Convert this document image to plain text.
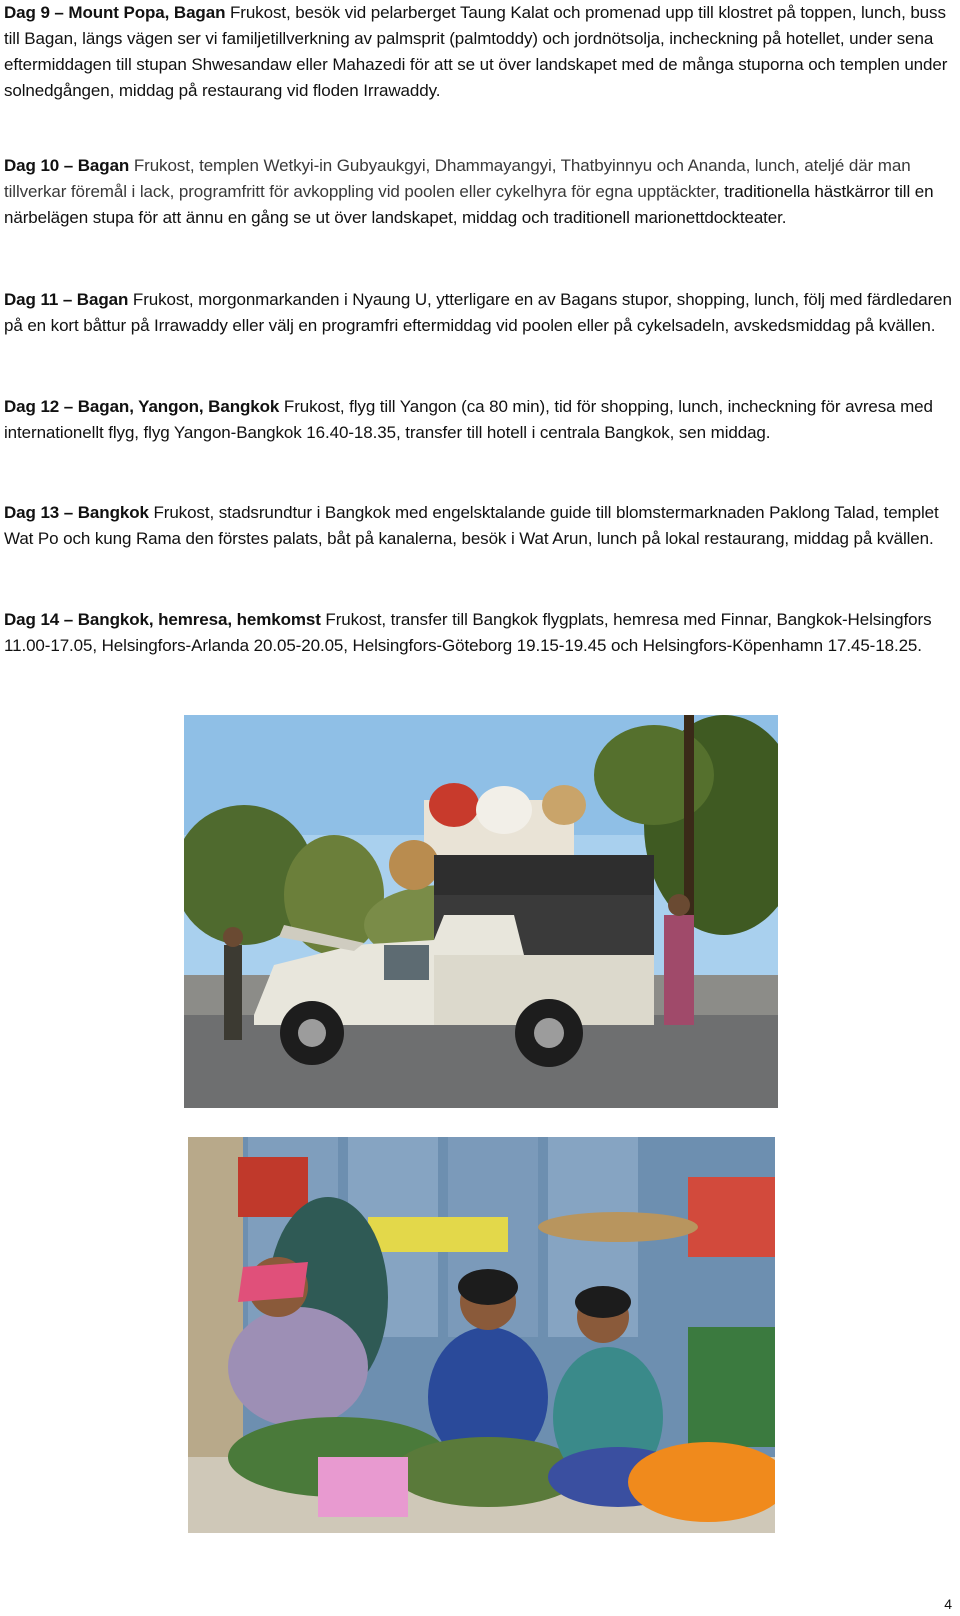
Dag 9 – Mount Popa, Bagan Frukost, besök vid pelarberget Taung Kalat och promenad upp till klostret på toppen, lunch, buss till Bagan, längs vägen ser vi familjetillverkning av palmsprit (palmtoddy) och jordnötsolja, incheckning på hotellet, under sena eftermiddagen till stupan Shwesandaw eller Mahazedi för att se ut över landskapet med de många stuporna och templen under solnedgången, middag på restaurang vid floden Irrawaddy.

Dag 10 – Bagan Frukost, templen Wetkyi-in Gubyaukgyi, Dhammayangyi, Thatbyinnyu och Ananda, lunch, ateljé där man tillverkar föremål i lack, programfritt för avkoppling vid poolen eller cykelhyra för egna upptäckter, traditionella hästkärror till en närbelägen stupa för att ännu en gång se ut över landskapet, middag och traditionell marionettdockteater.

Dag 11 – Bagan Frukost, morgonmarkanden i Nyaung U, ytterligare en av Bagans stupor, shopping, lunch, följ med färdledaren på en kort båttur på Irrawaddy eller välj en programfri eftermiddag vid poolen eller på cykelsadeln, avskedsmiddag på kvällen.

Dag 12 – Bagan, Yangon, Bangkok Frukost, flyg till Yangon (ca 80 min), tid för shopping, lunch, incheckning för avresa med internationellt flyg, flyg Yangon-Bangkok 16.40-18.35, transfer till hotell i centrala Bangkok, sen middag.

Dag 13 – Bangkok Frukost, stadsrundtur i Bangkok med engelsktalande guide till blomstermarknaden Paklong Talad, templet Wat Po och kung Rama den förstes palats, båt på kanalerna, besök i Wat Arun, lunch på lokal restaurang, middag på kvällen.

Dag 14 – Bangkok, hemresa, hemkomst Frukost, transfer till Bangkok flygplats, hemresa med Finnar, Bangkok-Helsingfors 11.00-17.05, Helsingfors-Arlanda 20.05-20.05, Helsingfors-Göteborg 19.15-19.45 och Helsingfors-Köpenhamn 17.45-18.25.

4
